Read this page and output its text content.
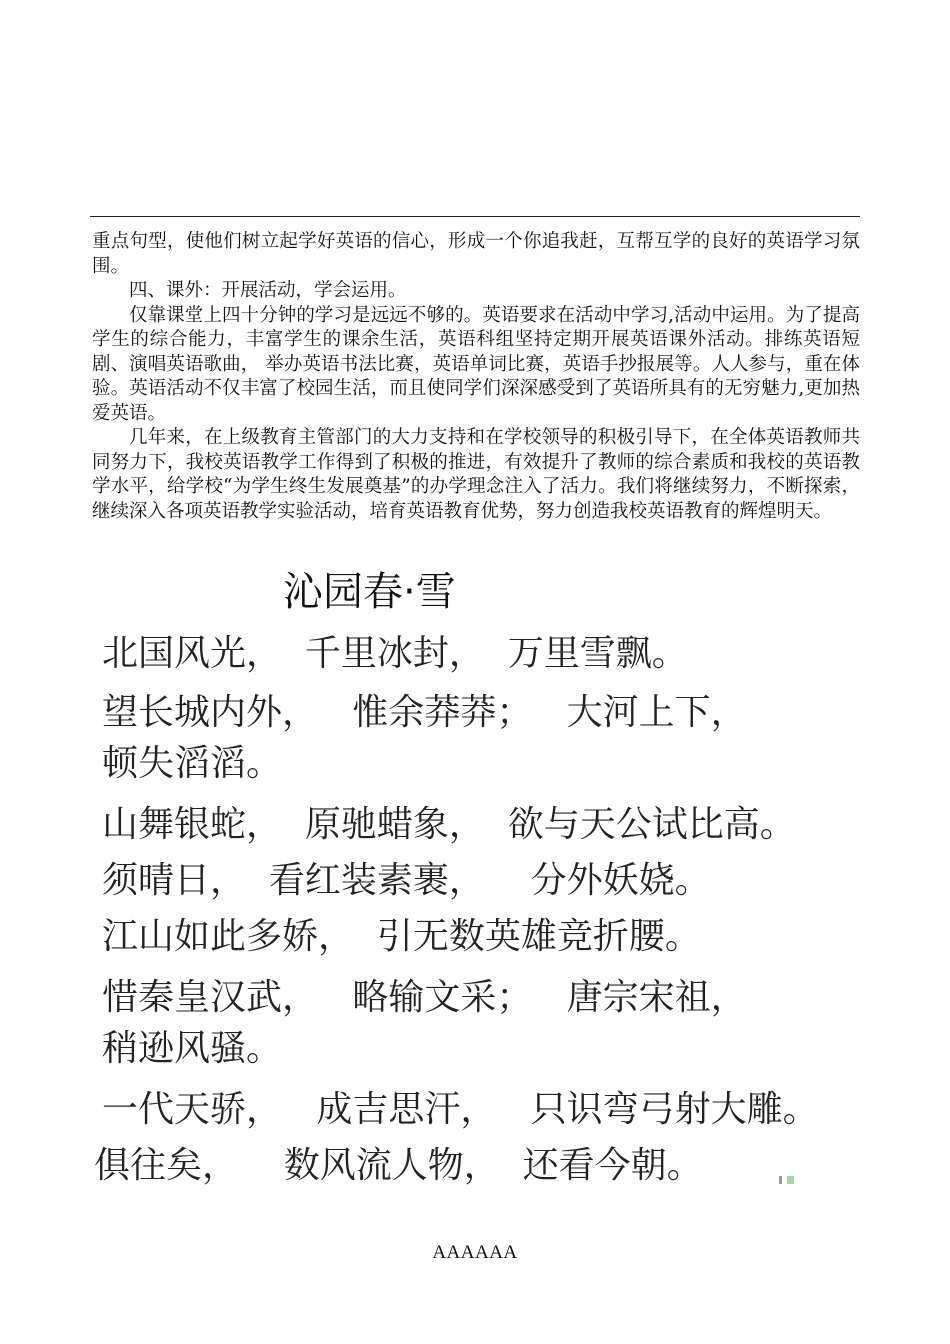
重点句型，使他们树立起学好英语的信心，形成一个你追我赶，互帮互学的良好的英语学习氛围。

四、课外：开展活动，学会运用。

仅靠课堂上四十分钟的学习是远远不够的。英语要求在活动中学习,活动中运用。为了提高学生的综合能力，丰富学生的课余生活，英语科组坚持定期开展英语课外活动。排练英语短剧、演唱英语歌曲， 举办英语书法比赛，英语单词比赛，英语手抄报展等。人人参与，重在体验。英语活动不仅丰富了校园生活，而且使同学们深深感受到了英语所具有的无穷魅力,更加热爱英语。

几年来，在上级教育主管部门的大力支持和在学校领导的积极引导下，在全体英语教师共同努力下，我校英语教学工作得到了积极的推进，有效提升了教师的综合素质和我校的英语教学水平，给学校“为学生终生发展奠基”的办学理念注入了活力。我们将继续努力，不断探索，继续深入各项英语教学实验活动，培育英语教育优势，努力创造我校英语教育的辉煌明天。

沁园春·雪
北国风光，  千里冰封，  万里雪飘。
望长城内外，   惟余莽莽；   大河上下，
顿失滔滔。
山舞银蛇，  原驰蜡象，  欲与天公试比高。
须晴日，  看红装素裹，    分外妖娆。
江山如此多娇，  引无数英雄竞折腰。
惜秦皇汉武，   略输文采；   唐宗宋祖，
稍逊风骚。
一代天骄，   成吉思汗，   只识弯弓射大雕。
俱往矣，    数风流人物，  还看今朝。
AAAAAA
